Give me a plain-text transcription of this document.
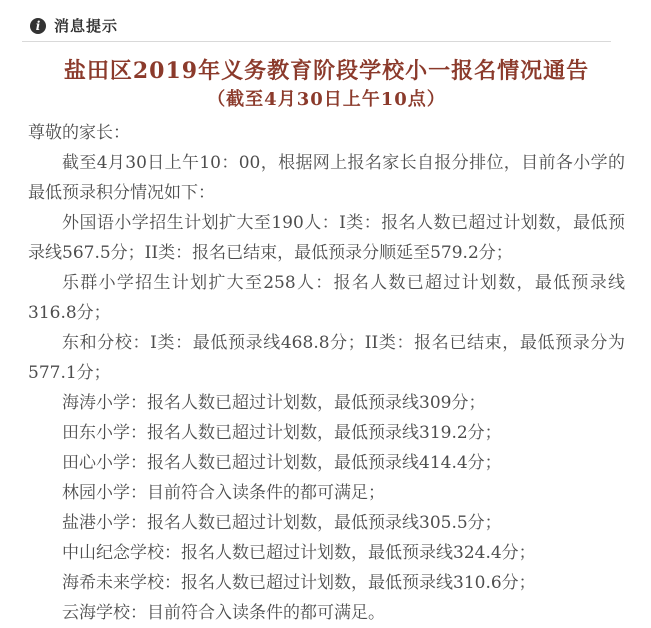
i 消息提示
盐田区2019年义务教育阶段学校小一报名情况通告
（截至4月30日上午10点）

尊敬的家长：

截至4月30日上午10：00，根据网上报名家长自报分排位，目前各小学的最低预录积分情况如下：

外国语小学招生计划扩大至190人：I类：报名人数已超过计划数，最低预录线567.5分；II类：报名已结束，最低预录分顺延至579.2分；

乐群小学招生计划扩大至258人：报名人数已超过计划数，最低预录线316.8分；

东和分校：I类：最低预录线468.8分；II类：报名已结束，最低预录分为577.1分；

海涛小学：报名人数已超过计划数，最低预录线309分；

田东小学：报名人数已超过计划数，最低预录线319.2分；

田心小学：报名人数已超过计划数，最低预录线414.4分；

林园小学：目前符合入读条件的都可满足；

盐港小学：报名人数已超过计划数，最低预录线305.5分；

中山纪念学校：报名人数已超过计划数，最低预录线324.4分；

海希未来学校：报名人数已超过计划数，最低预录线310.6分；

云海学校：目前符合入读条件的都可满足。
